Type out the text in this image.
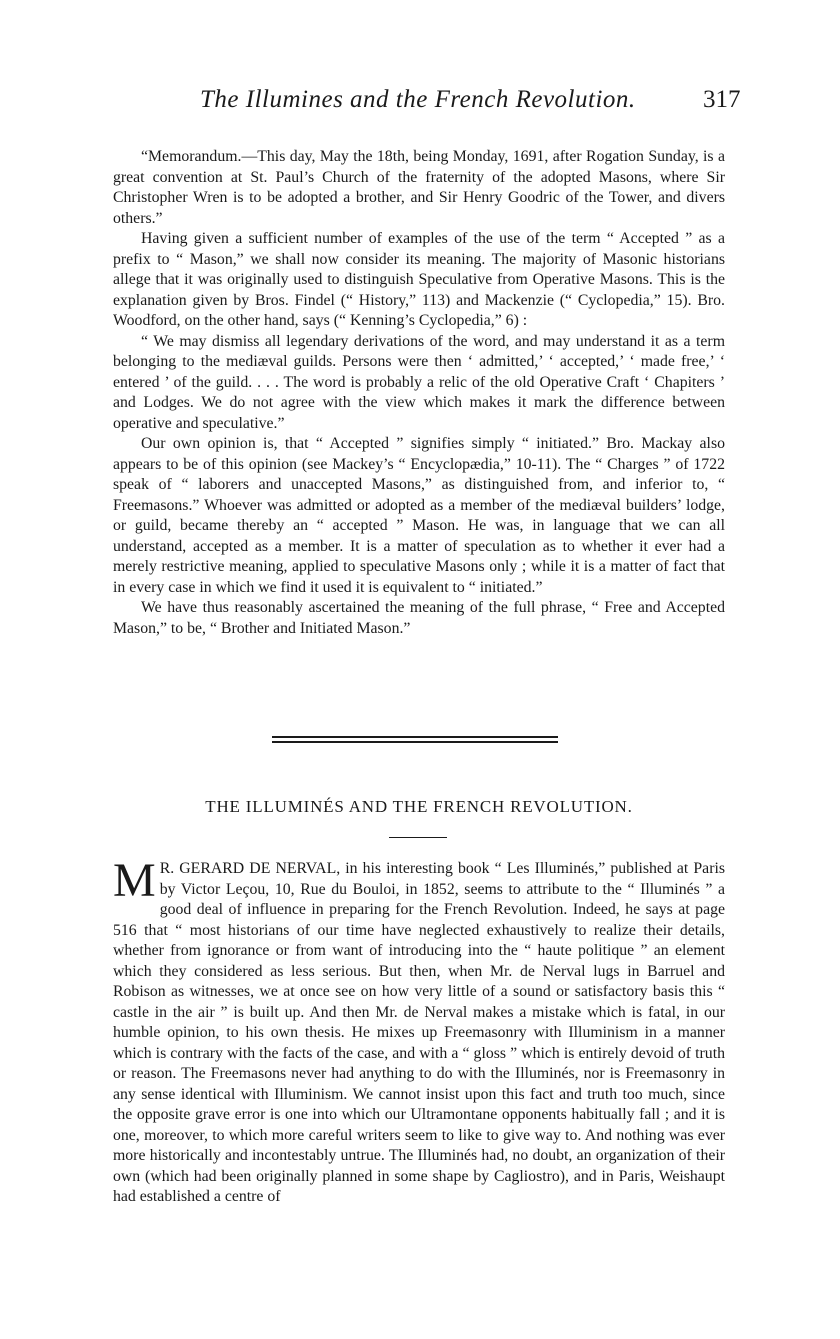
The Illumines and the French Revolution.	317

“Memorandum.—This day, May the 18th, being Monday, 1691, after Rogation Sunday, is a great convention at St. Paul’s Church of the fraternity of the adopted Masons, where Sir Christopher Wren is to be adopted a brother, and Sir Henry Goodric of the Tower, and divers others.”

Having given a sufficient number of examples of the use of the term “ Accepted ” as a prefix to “ Mason,” we shall now consider its meaning. The majority of Masonic historians allege that it was originally used to distinguish Speculative from Operative Masons. This is the explanation given by Bros. Findel (“ History,” 113) and Mackenzie (“ Cyclopedia,” 15). Bro. Woodford, on the other hand, says (“ Kenning’s Cyclopedia,” 6) :

“ We may dismiss all legendary derivations of the word, and may understand it as a term belonging to the mediæval guilds. Persons were then ‘ admitted,’ ‘ accepted,’ ‘ made free,’ ‘ entered ’ of the guild. . . . The word is probably a relic of the old Operative Craft ‘ Chapiters ’ and Lodges. We do not agree with the view which makes it mark the difference between operative and speculative.”

Our own opinion is, that “ Accepted ” signifies simply “ initiated.” Bro. Mackay also appears to be of this opinion (see Mackey’s “ Encyclopædia,” 10-11). The “ Charges ” of 1722 speak of “ laborers and unaccepted Masons,” as distinguished from, and inferior to, “ Freemasons.” Whoever was admitted or adopted as a member of the mediæval builders’ lodge, or guild, became thereby an “ accepted ” Mason. He was, in language that we can all understand, accepted as a member. It is a matter of speculation as to whether it ever had a merely restrictive meaning, applied to speculative Masons only ; while it is a matter of fact that in every case in which we find it used it is equivalent to “ initiated.”

We have thus reasonably ascertained the meaning of the full phrase, “ Free and Accepted Mason,” to be, “ Brother and Initiated Mason.”

THE ILLUMINÉS AND THE FRENCH REVOLUTION.

M R. GERARD DE NERVAL, in his interesting book “ Les Illuminés,” published at Paris by Victor Leçou, 10, Rue du Bouloi, in 1852, seems to attribute to the “ Illuminés ” a good deal of influence in preparing for the French Revolution. Indeed, he says at page 516 that “ most historians of our time have neglected exhaustively to realize their details, whether from ignorance or from want of introducing into the “ haute politique ” an element which they considered as less serious. But then, when Mr. de Nerval lugs in Barruel and Robison as witnesses, we at once see on how very little of a sound or satisfactory basis this “ castle in the air ” is built up. And then Mr. de Nerval makes a mistake which is fatal, in our humble opinion, to his own thesis. He mixes up Freemasonry with Illuminism in a manner which is contrary with the facts of the case, and with a “ gloss ” which is entirely devoid of truth or reason. The Freemasons never had anything to do with the Illuminés, nor is Freemasonry in any sense identical with Illuminism. We cannot insist upon this fact and truth too much, since the opposite grave error is one into which our Ultramontane opponents habitually fall ; and it is one, moreover, to which more careful writers seem to like to give way to. And nothing was ever more historically and incontestably untrue. The Illuminés had, no doubt, an organization of their own (which had been originally planned in some shape by Cagliostro), and in Paris, Weishaupt had established a centre of
